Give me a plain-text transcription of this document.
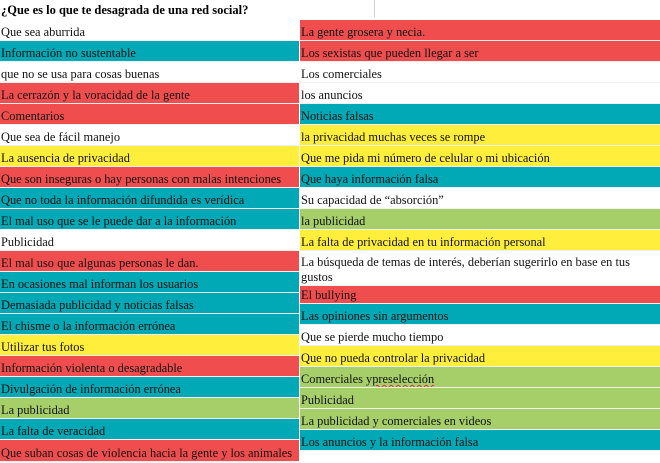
¿Que es lo que te desagrada de una red social?
Que sea aburrida
Información no sustentable
que no se usa para cosas buenas
La cerrazón y la voracidad de la gente
Comentarios
Que sea de fácil manejo
La ausencia de privacidad
Que son inseguras o hay personas con malas intenciones
Que no toda la información difundida es verídica
El mal uso que se le puede dar a la información
Publicidad
El mal uso que algunas personas le dan.
En ocasiones mal informan los usuarios
Demasiada publicidad y noticias falsas
El chisme o la información errónea
Utilizar tus fotos
Información violenta o desagradable
Divulgación de información errónea
La publicidad
La falta de veracidad
Que suban cosas de violencia hacia la gente y los animales
La gente grosera y necia.
Los sexistas que pueden llegar a ser
Los comerciales
los anuncios
Noticias falsas
la privacidad muchas veces se rompe
Que me pida mi número de celular o mi ubicación
Que haya información falsa
Su capacidad de “absorción”
la publicidad
La falta de privacidad en tu información personal
La búsqueda de temas de interés, deberían sugerirlo en base en tus gustos
El bullying
Las opiniones sin argumentos
Que se pierde mucho tiempo
Que no pueda controlar la privacidad
Comerciales y preselección
Publicidad
La publicidad y comerciales en videos
Los anuncios y la información falsa
